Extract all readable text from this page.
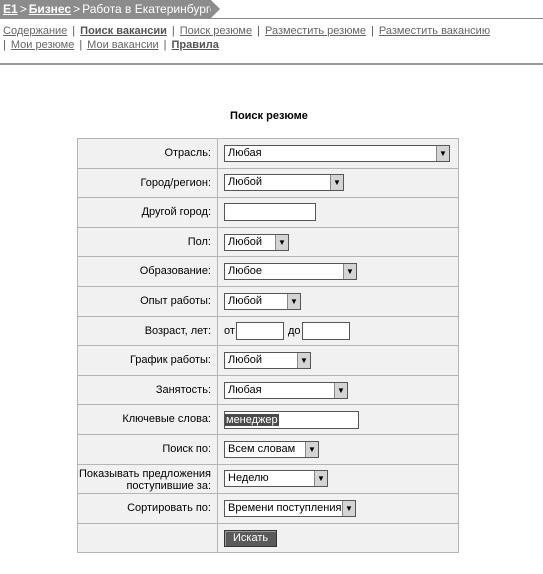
E1 > Бизнес > Работа в Екатеринбурге
Содержание | Поиск вакансии | Поиск резюме | Разместить резюме | Разместить вакансию
| Мои резюме | Мои вакансии | Правила
Поиск резюме
Отрасль:	Любая ▼

Город/регион:	Любой ▼

Другой город:	
Пол:	Любой ▼

Образование:	Любое ▼

Опыт работы:	Любой ▼

Возраст, лет:	от до
График работы:	Любой ▼

Занятость:	Любая ▼

Ключевые слова:	менеджер
Поиск по:	Всем словам ▼

Показывать предложения поступившие за:	Неделю ▼

Сортировать по:	Времени поступления ▼

	Искать
